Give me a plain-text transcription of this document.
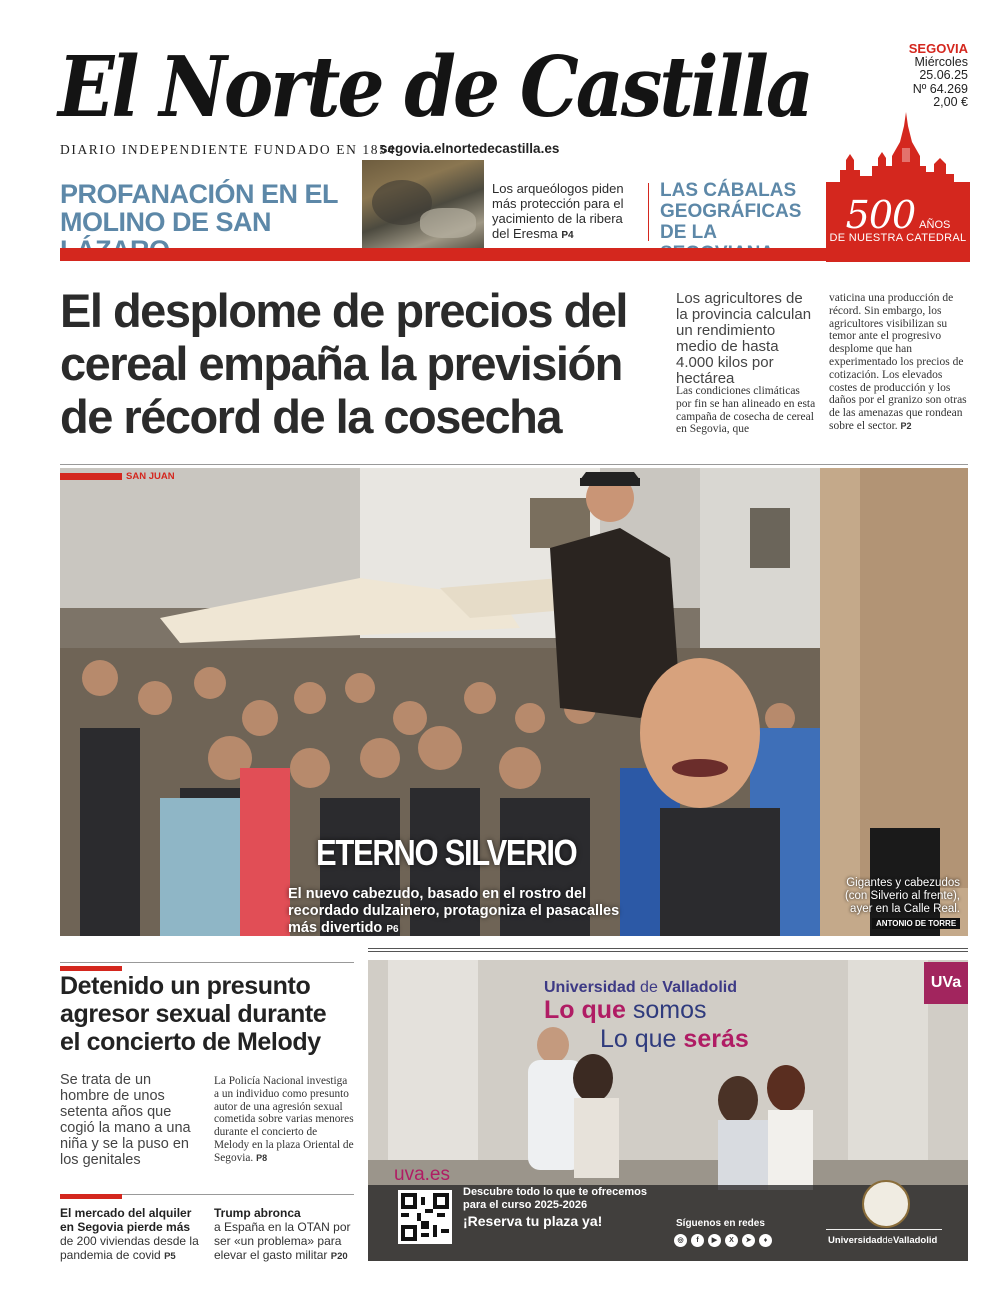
El Norte de Castilla
DIARIO INDEPENDIENTE FUNDADO EN 1854
segovia.elnortedecastilla.es
SEGOVIA
Miércoles
25.06.25
Nº 64.269
2,00 €
PROFANACIÓN EN EL MOLINO DE SAN
Los arqueólogos piden más protección para el yacimiento de la ribera del Eresma P4
LAS CÁBALAS GEOGRÁFICAS DE LA	500 AÑOS
DE NUESTRA CATEDRAL
El desplome de precios del cereal empaña la previsión de récord de la cosecha
Los agricultores de la provincia calculan un rendimiento medio de hasta 4.000 kilos por hectárea
Las condiciones climáticas por fin se han alineado en esta campaña de cosecha de cereal en Segovia, que
vaticina una producción de récord. Sin embargo, los agricultores visibilizan su temor ante el progresivo desplome que han experimentado los precios de cotización. Los elevados costes de producción y los daños por el granizo son otras de las amenazas que rondean sobre el sector. P2
SAN JUAN
ETERNO SILVERIO
El nuevo cabezudo, basado en el rostro del recordado dulzainero, protagoniza el pasacalles más divertido P6
Gigantes y cabezudos (con Silverio al frente), ayer en la Calle Real.
ANTONIO DE TORRE
Detenido un presunto agresor sexual durante el concierto de Melody
Se trata de un hombre de unos setenta años que cogió la mano a una niña y se la puso en los genitales
La Policía Nacional investiga a un individuo como presunto autor de una agresión sexual cometida sobre varias menores durante el concierto de Melody en la plaza Oriental de Segovia. P8
El mercado del alquiler en Segovia pierde más de 200 viviendas desde la pandemia de covid P5
Trump abronca
a España en la OTAN por ser «un problema» para elevar el gasto militar P20
UVa
Universidad de Valladolid
Lo que somos
Lo que serás
uva.es
Descubre todo lo que te ofrecemos para el curso 2025-2026
¡Reserva tu plaza ya!	Síguenos en redes
◎	f	▶	X	➤	♦	UniversidaddeValladolid
